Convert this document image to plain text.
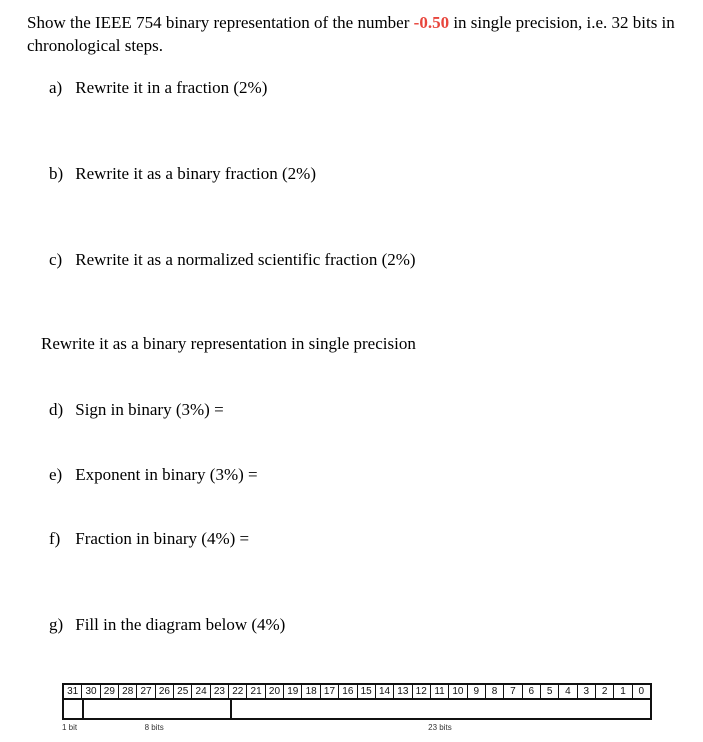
Show the IEEE 754 binary representation of the number -0.50 in single precision, i.e. 32 bits in chronological steps.
a) Rewrite it in a fraction (2%)
b) Rewrite it as a binary fraction (2%)
c) Rewrite it as a normalized scientific fraction (2%)
Rewrite it as a binary representation in single precision
d) Sign in binary (3%) =
e) Exponent in binary (3%) =
f) Fraction in binary (4%) =
g) Fill in the diagram below (4%)
31 30 29 28 27 26 25 24 23 22 21 20 19 18 17 16 15 14 13 12 11 10	9	8	7	6	5	4	3	2	1	0
1 bit	8 bits	23 bits
